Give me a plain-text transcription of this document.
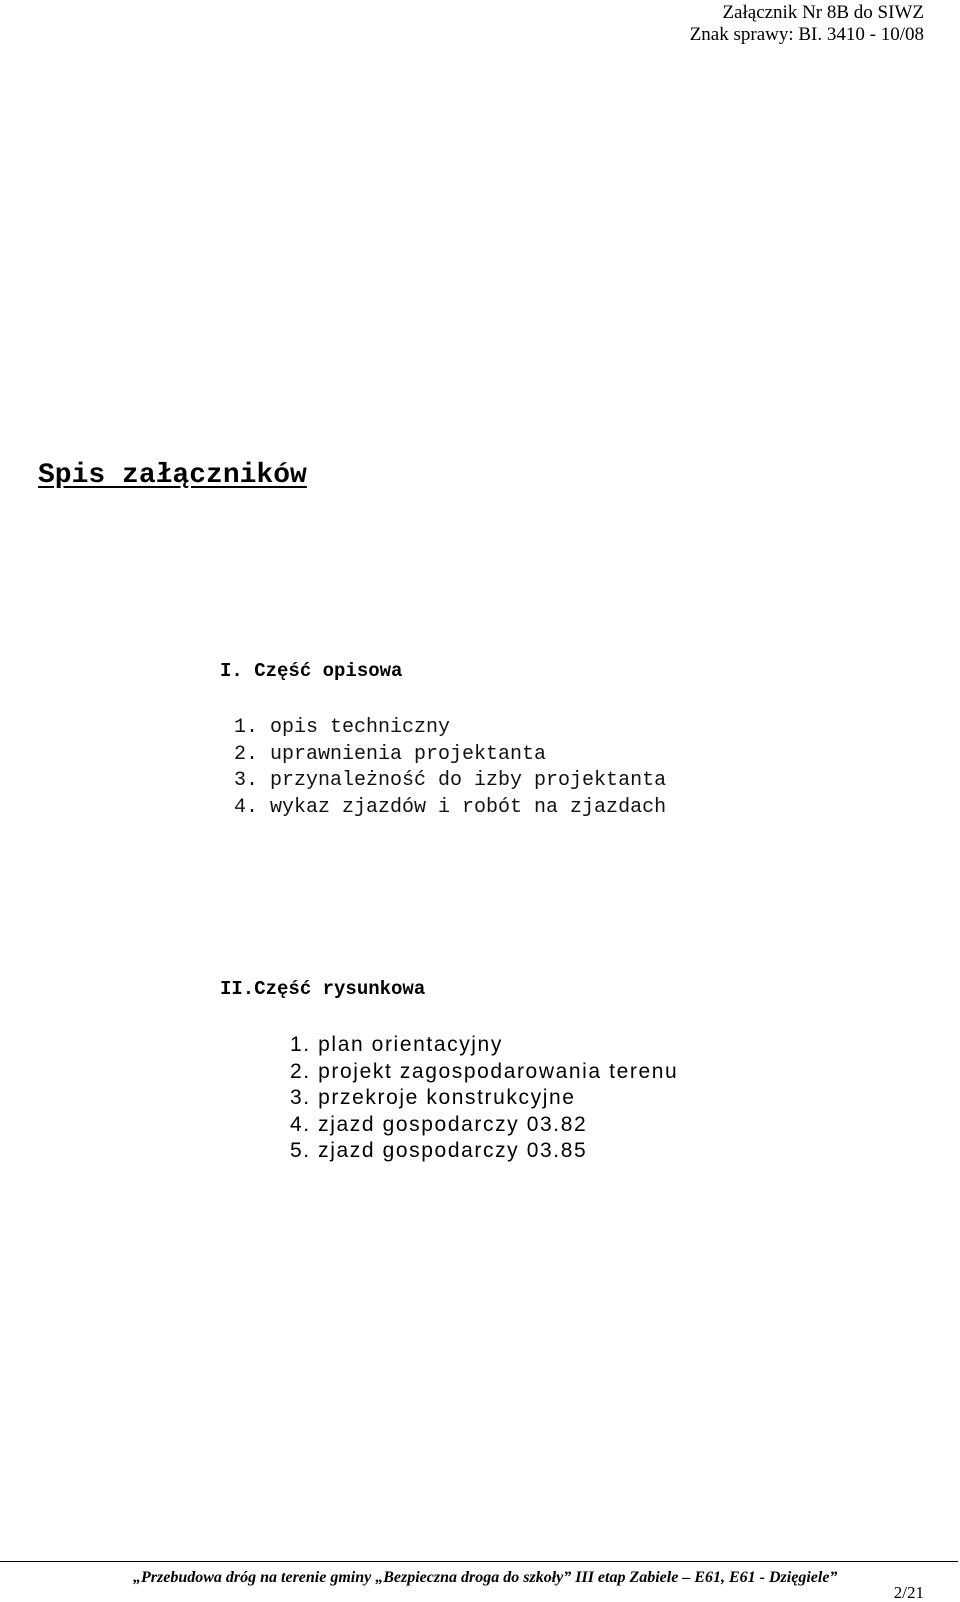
Załącznik Nr 8B do SIWZ
Znak sprawy: BI. 3410 - 10/08
Spis załączników
I. Część opisowa
1. opis techniczny
2. uprawnienia projektanta
3. przynależność do izby projektanta
4. wykaz zjazdów i robót na zjazdach
II.Część rysunkowa
1. plan orientacyjny
2. projekt zagospodarowania terenu
3. przekroje konstrukcyjne
4. zjazd gospodarczy 03.82
5. zjazd gospodarczy 03.85
„Przebudowa dróg na terenie gminy „Bezpieczna droga do szkoły” III etap Zabiele – E61, E61 - Dzięgiele”
2/21
